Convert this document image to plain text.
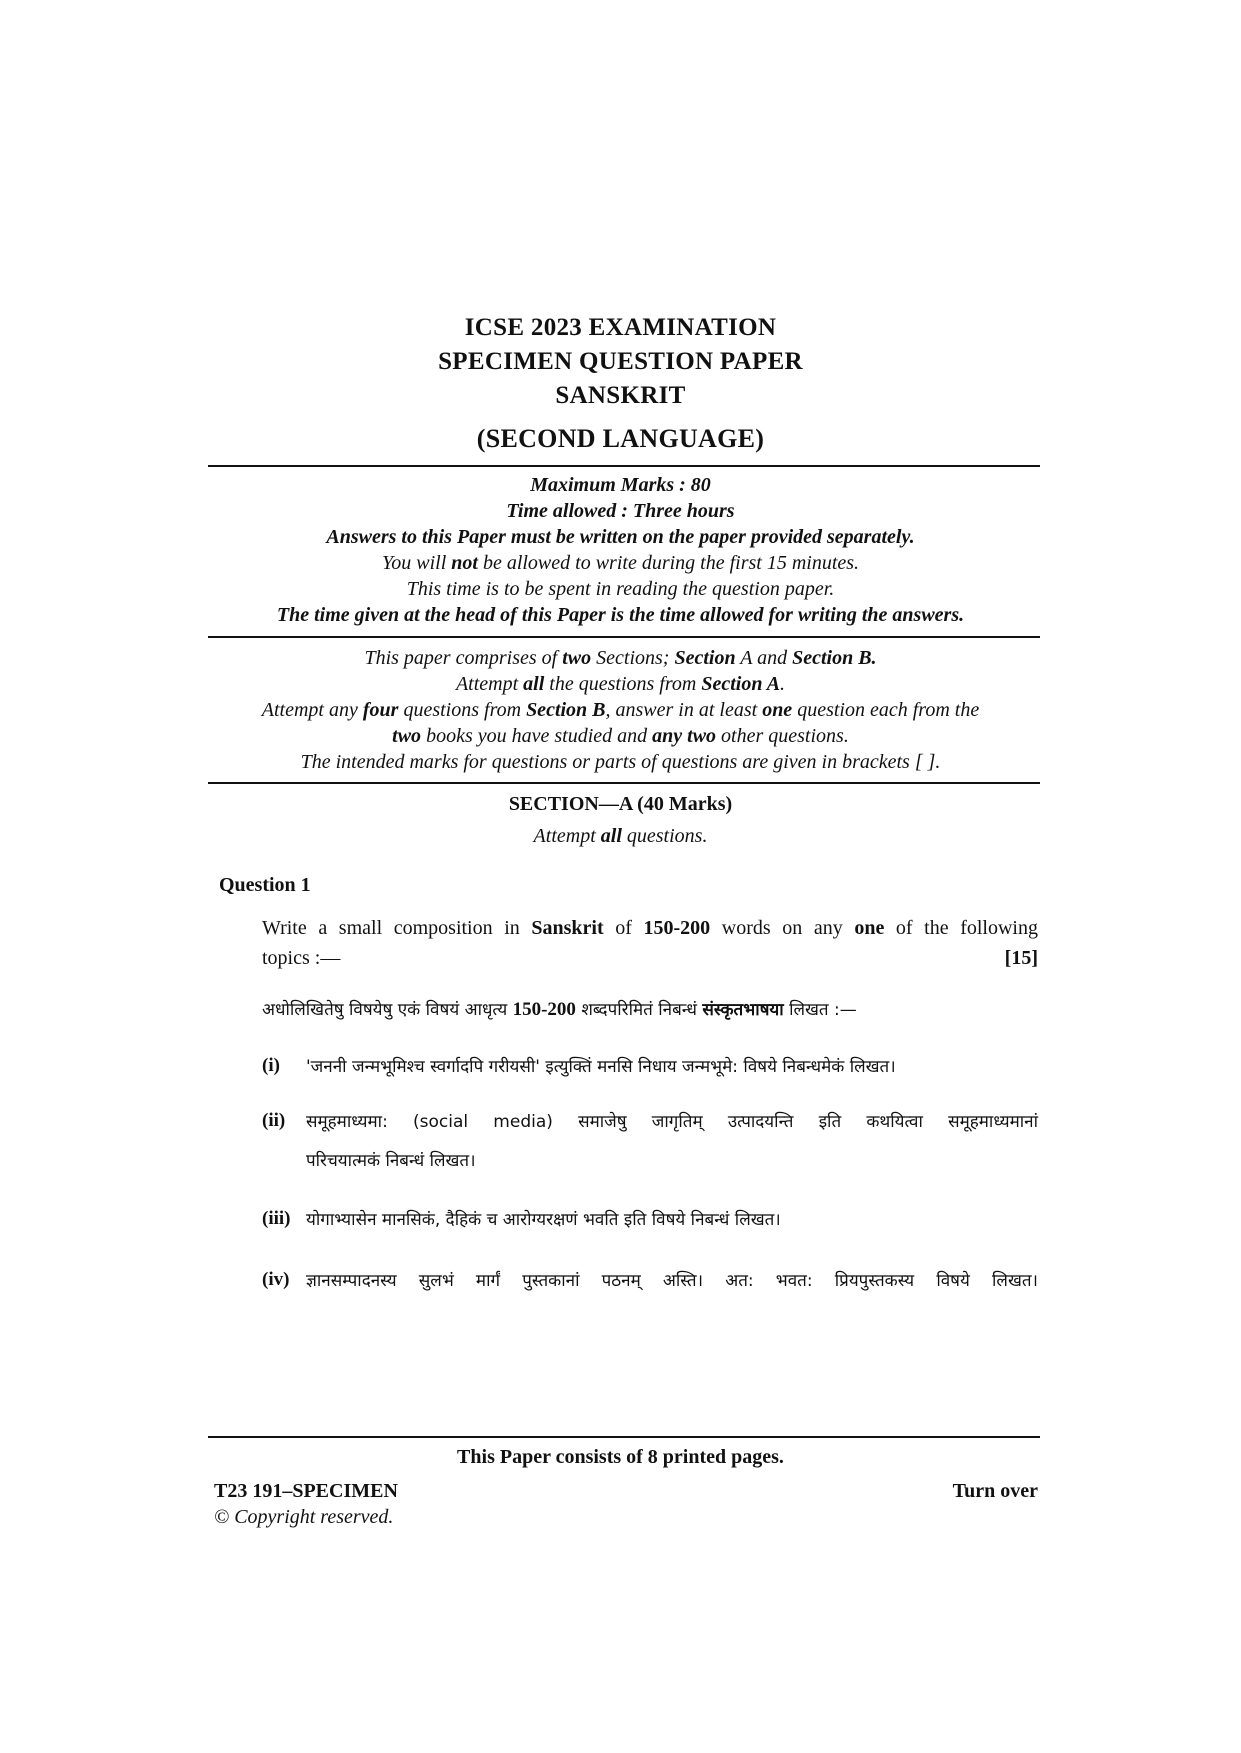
ICSE 2023 EXAMINATION
SPECIMEN QUESTION PAPER
SANSKRIT
(SECOND LANGUAGE)
Maximum Marks : 80
Time allowed : Three hours
Answers to this Paper must be written on the paper provided separately.
You will not be allowed to write during the first 15 minutes.
This time is to be spent in reading the question paper.
The time given at the head of this Paper is the time allowed for writing the answers.
This paper comprises of two Sections; Section A and Section B.
Attempt all the questions from Section A.
Attempt any four questions from Section B, answer in at least one question each from the
two books you have studied and any two other questions.
The intended marks for questions or parts of questions are given in brackets [ ].
SECTION—A (40 Marks)
Attempt all questions.
Question 1
Write a small composition in Sanskrit of 150-200 words on any one of the following
topics :—	[15]
अधोलिखितेषु विषयेषु एकं विषयं आधृत्य 150-200 शब्दपरिमितं निबन्धं संस्कृतभाषया लिखत :—
(i) 'जननी जन्मभूमिश्च स्वर्गादपि गरीयसी' इत्युक्तिं मनसि निधाय जन्मभूमे: विषये निबन्धमेकं लिखत।
(ii) समूहमाध्यमा: (social media) समाजेषु जागृतिम् उत्पादयन्ति इति कथयित्वा समूहमाध्यमानां
परिचयात्मकं निबन्धं लिखत।
(iii) योगाभ्यासेन मानसिकं, दैहिकं च आरोग्यरक्षणं भवति इति विषये निबन्धं लिखत।
(iv) ज्ञानसम्पादनस्य सुलभं मार्गं पुस्तकानां पठनम् अस्ति। अत: भवत: प्रियपुस्तकस्य विषये लिखत।
This Paper consists of 8 printed pages.
T23 191–SPECIMEN
© Copyright reserved.
Turn over
